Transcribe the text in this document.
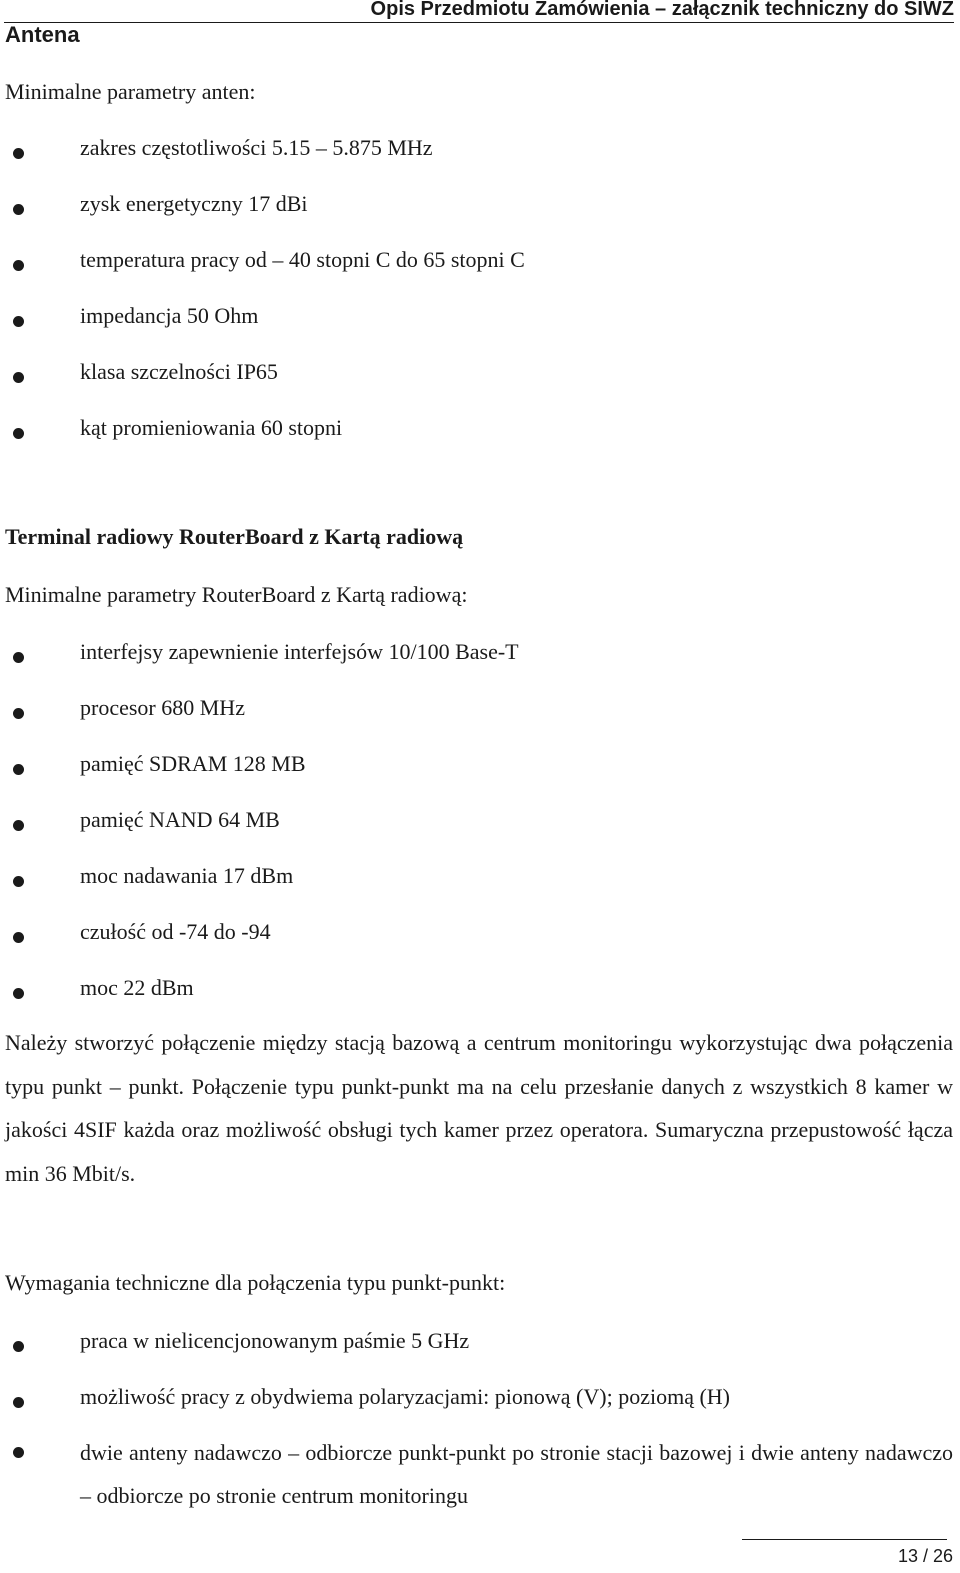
Opis Przedmiotu Zamówienia – załącznik techniczny do SIWZ
Antena
Minimalne parametry anten:
zakres częstotliwości 5.15 – 5.875 MHz
zysk energetyczny 17 dBi
temperatura pracy od – 40 stopni C do 65 stopni C
impedancja 50 Ohm
klasa szczelności IP65
kąt promieniowania 60 stopni
Terminal radiowy RouterBoard z Kartą radiową
Minimalne parametry RouterBoard z Kartą radiową:
interfejsy zapewnienie interfejsów 10/100 Base-T
procesor 680 MHz
pamięć SDRAM 128 MB
pamięć NAND 64 MB
moc nadawania 17 dBm
czułość od -74 do -94
moc 22 dBm
Należy stworzyć połączenie między stacją bazową a centrum monitoringu wykorzystując dwa połączenia typu punkt – punkt. Połączenie typu punkt-punkt ma na celu przesłanie danych z wszystkich 8 kamer w jakości 4SIF każda oraz możliwość obsługi tych kamer przez operatora. Sumaryczna przepustowość łącza min 36 Mbit/s.
Wymagania techniczne dla połączenia typu punkt-punkt:
praca w nielicencjonowanym paśmie 5 GHz
możliwość pracy z obydwiema polaryzacjami: pionową (V); poziomą (H)
dwie anteny nadawczo – odbiorcze punkt-punkt po stronie stacji bazowej i dwie anteny nadawczo – odbiorcze po stronie centrum monitoringu
13 / 26
